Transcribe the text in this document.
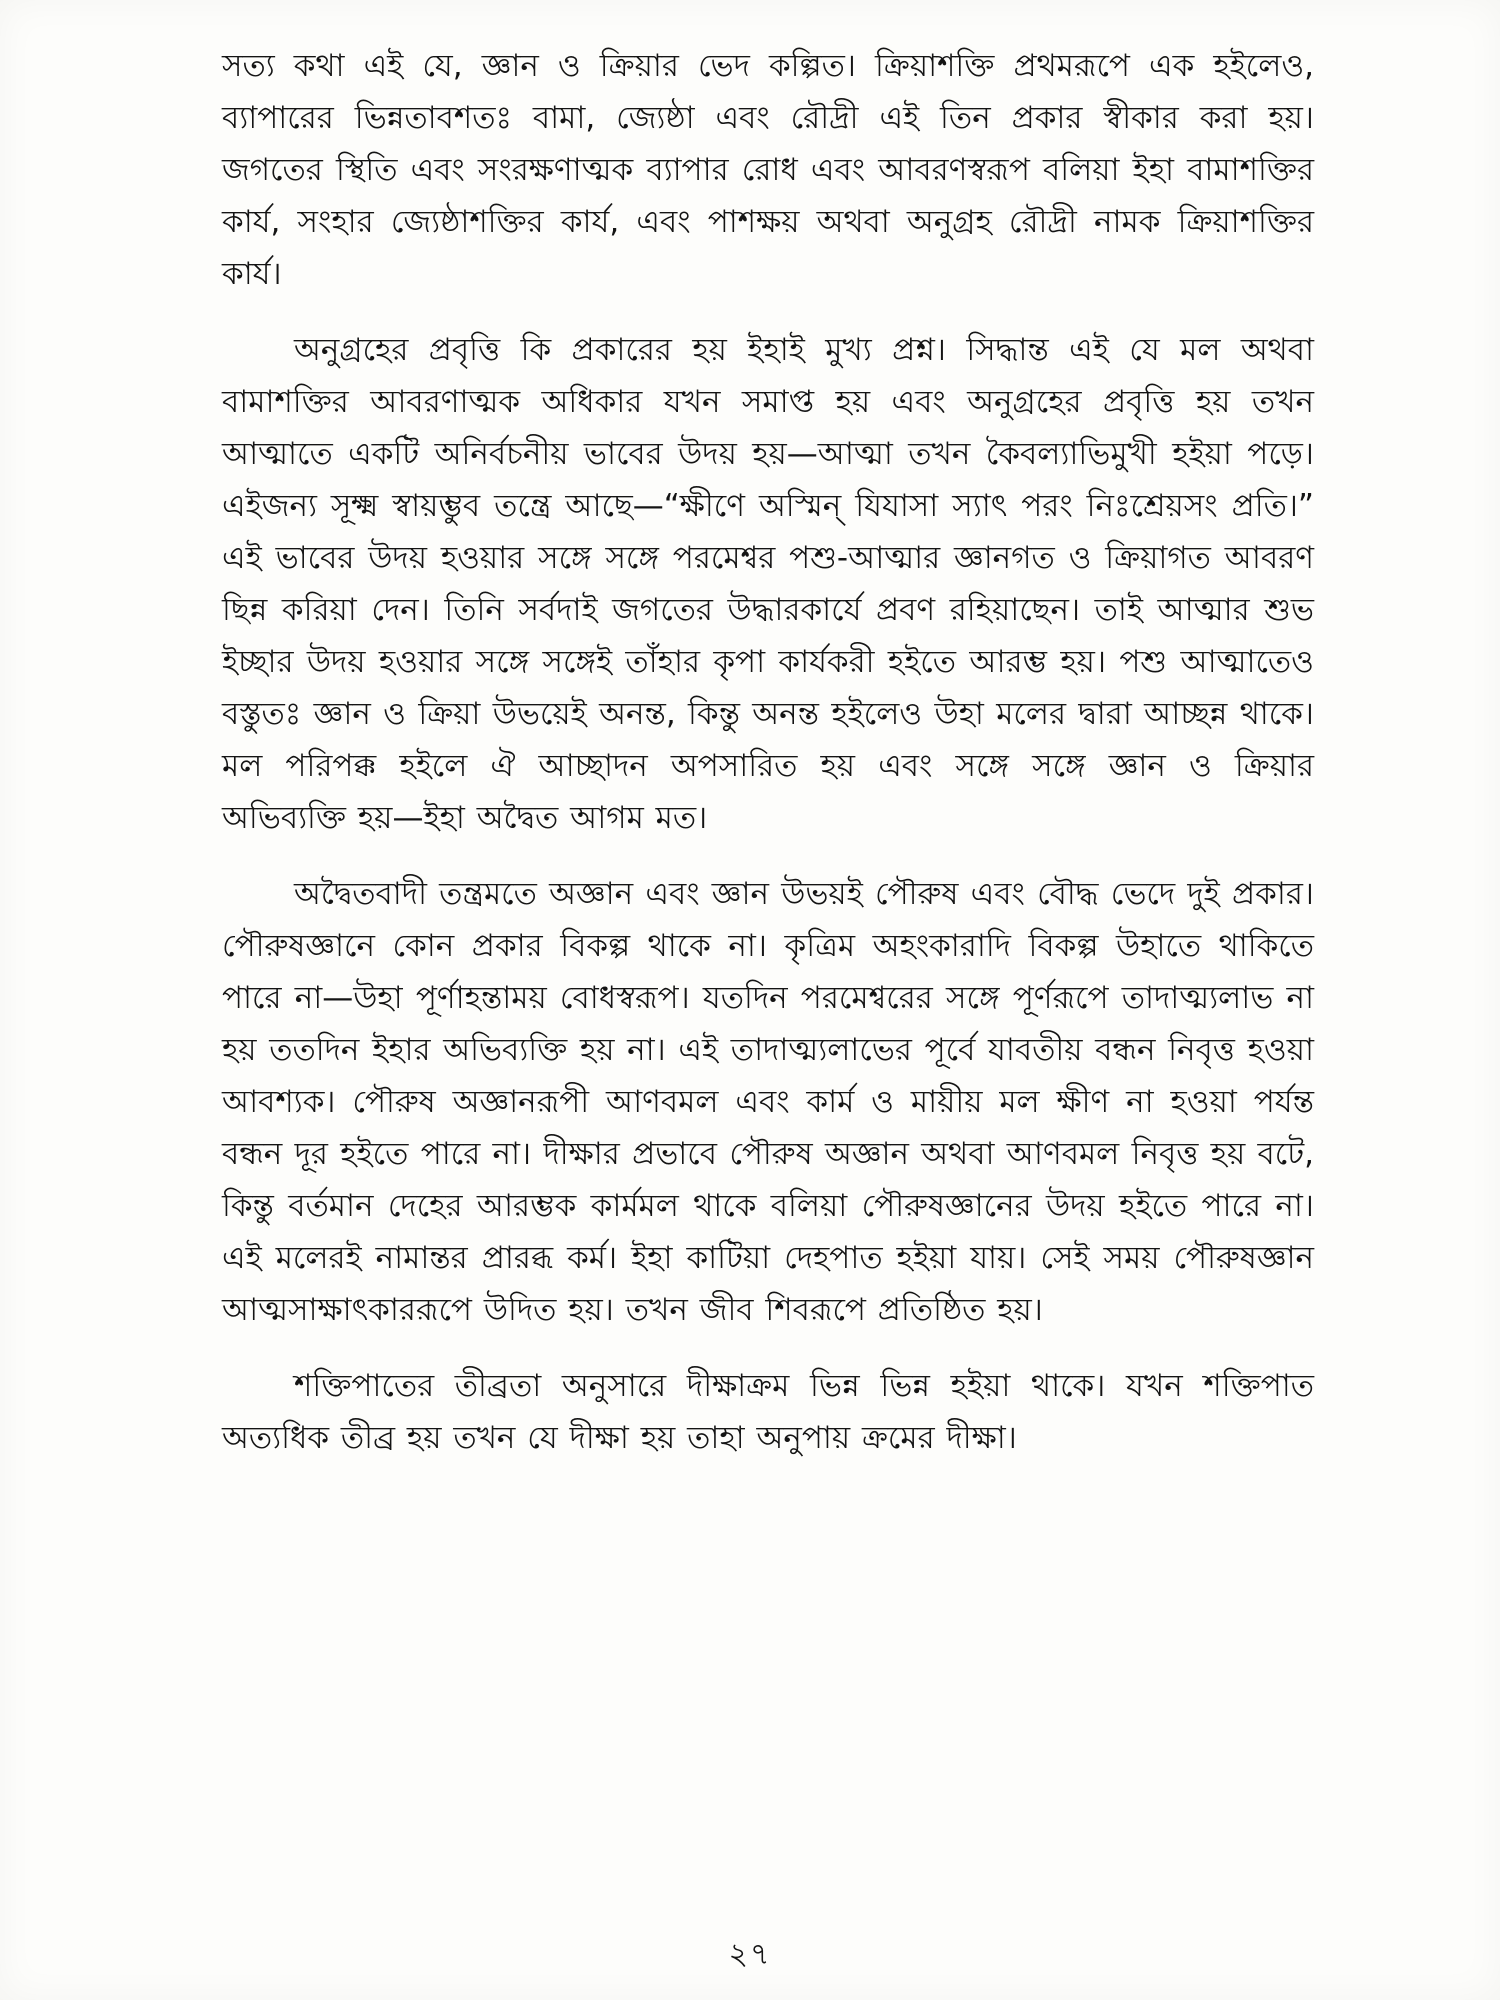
সত্য কথা এই যে, জ্ঞান ও ক্রিয়ার ভেদ কল্পিত। ক্রিয়াশক্তি প্রথমরূপে এক হইলেও, ব্যাপারের ভিন্নতাবশতঃ বামা, জ্যেষ্ঠা এবং রৌদ্রী এই তিন প্রকার স্বীকার করা হয়। জগতের স্থিতি এবং সংরক্ষণাত্মক ব্যাপার রোধ এবং আবরণস্বরূপ বলিয়া ইহা বামাশক্তির কার্য, সংহার জ্যেষ্ঠাশক্তির কার্য, এবং পাশক্ষয় অথবা অনুগ্রহ রৌদ্রী নামক ক্রিয়াশক্তির কার্য।

অনুগ্রহের প্রবৃত্তি কি প্রকারের হয় ইহাই মুখ্য প্রশ্ন। সিদ্ধান্ত এই যে মল অথবা বামাশক্তির আবরণাত্মক অধিকার যখন সমাপ্ত হয় এবং অনুগ্রহের প্রবৃত্তি হয় তখন আত্মাতে একটি অনির্বচনীয় ভাবের উদয় হয়—আত্মা তখন কৈবল্যাভিমুখী হইয়া পড়ে। এইজন্য সূক্ষ্ম স্বায়ম্ভুব তন্ত্রে আছে—“ক্ষীণে অস্মিন্ যিযাসা স্যাৎ পরং নিঃশ্রেয়সং প্রতি।” এই ভাবের উদয় হওয়ার সঙ্গে সঙ্গে পরমেশ্বর পশু-আত্মার জ্ঞানগত ও ক্রিয়াগত আবরণ ছিন্ন করিয়া দেন। তিনি সর্বদাই জগতের উদ্ধারকার্যে প্রবণ রহিয়াছেন। তাই আত্মার শুভ ইচ্ছার উদয় হওয়ার সঙ্গে সঙ্গেই তাঁহার কৃপা কার্যকরী হইতে আরম্ভ হয়। পশু আত্মাতেও বস্তুতঃ জ্ঞান ও ক্রিয়া উভয়েই অনন্ত, কিন্তু অনন্ত হইলেও উহা মলের দ্বারা আচ্ছন্ন থাকে। মল পরিপক্ক হইলে ঐ আচ্ছাদন অপসারিত হয় এবং সঙ্গে সঙ্গে জ্ঞান ও ক্রিয়ার অভিব্যক্তি হয়—ইহা অদ্বৈত আগম মত।

অদ্বৈতবাদী তন্ত্রমতে অজ্ঞান এবং জ্ঞান উভয়ই পৌরুষ এবং বৌদ্ধ ভেদে দুই প্রকার। পৌরুষজ্ঞানে কোন প্রকার বিকল্প থাকে না। কৃত্রিম অহংকারাদি বিকল্প উহাতে থাকিতে পারে না—উহা পূর্ণাহন্তাময় বোধস্বরূপ। যতদিন পরমেশ্বরের সঙ্গে পূর্ণরূপে তাদাত্ম্যলাভ না হয় ততদিন ইহার অভিব্যক্তি হয় না। এই তাদাত্ম্যলাভের পূর্বে যাবতীয় বন্ধন নিবৃত্ত হওয়া আবশ্যক। পৌরুষ অজ্ঞানরূপী আণবমল এবং কার্ম ও মায়ীয় মল ক্ষীণ না হওয়া পর্যন্ত বন্ধন দূর হইতে পারে না। দীক্ষার প্রভাবে পৌরুষ অজ্ঞান অথবা আণবমল নিবৃত্ত হয় বটে, কিন্তু বর্তমান দেহের আরম্ভক কার্মমল থাকে বলিয়া পৌরুষজ্ঞানের উদয় হইতে পারে না। এই মলেরই নামান্তর প্রারব্ধ কর্ম। ইহা কাটিয়া দেহপাত হইয়া যায়। সেই সময় পৌরুষজ্ঞান আত্মসাক্ষাৎকাররূপে উদিত হয়। তখন জীব শিবরূপে প্রতিষ্ঠিত হয়।

শক্তিপাতের তীব্রতা অনুসারে দীক্ষাক্রম ভিন্ন ভিন্ন হইয়া থাকে। যখন শক্তিপাত অত্যধিক তীব্র হয় তখন যে দীক্ষা হয় তাহা অনুপায় ক্রমের দীক্ষা।

২৭
